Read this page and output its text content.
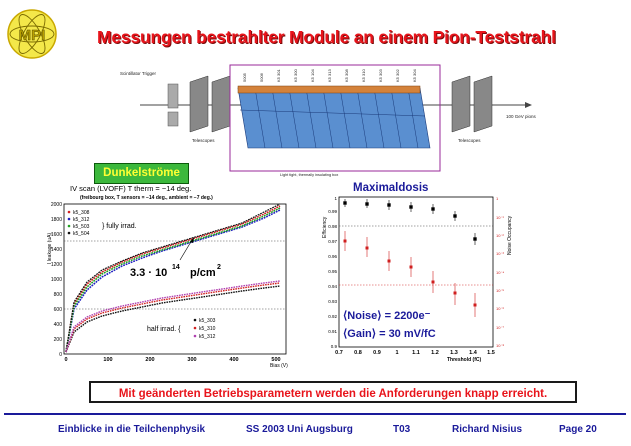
MPI	Messungen bestrahlter Module an einem Pion-Teststrahl
Scintillator Trigger
Telescopes
Light tight, thermally insulating box
5005	5006	K5 301	K5 300	K5 104	K5 313	K5 308	K5 310	K5 303	K5 302	K5 304
Telescopes
100 GeV pions
Dunkelströme
Maximaldosis
IV scan (LVOFF) T therm = −14 deg.
(freibourg box, T sensors = −14 deg., ambient = −7 deg.)
0
200
400
600
800
1000
1200
1400
1600
1800
2000
0	100	200	300	400	500
Bias (V)
I leakage (uA)
k5_308
k5_312
k5_503
k5_504
} fully irrad.
3.3 · 10 14 p/cm 2
half irrad. {
k5_303
k5_310
k5_312
0.9
0.91
0.92
0.93
0.94
0.95
0.96
0.97
0.98
0.99
1
0.7 0.8 0.9	1 1.1 1.2 1.3 1.4 1.5
Threshold (fC)
Efficiency	Noise Occupancy
1
10⁻¹
10⁻²
10⁻³
10⁻⁴
10⁻⁵
10⁻⁶
10⁻⁷
10⁻⁸
⟨Noise⟩ = 2200e⁻
⟨Gain⟩ = 30 mV/fC
Mit geänderten Betriebsparametern werden die Anforderungen knapp erreicht.
Einblicke in die Teilchenphysik	SS 2003 Uni Augsburg	T03	Richard Nisius	Page 20
